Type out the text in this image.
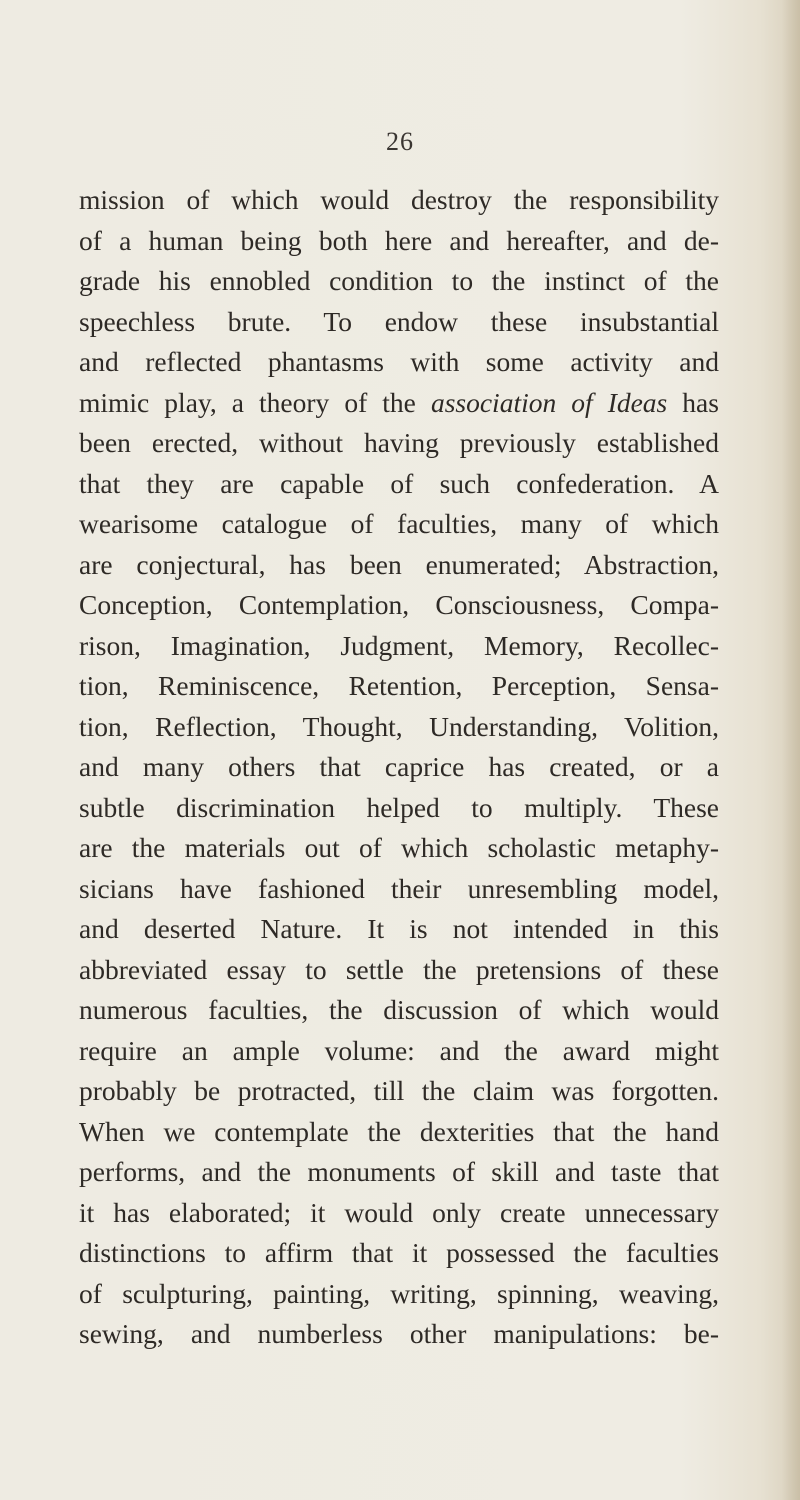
26
mission of which would destroy the responsibility
of a human being both here and hereafter, and de-
grade his ennobled condition to the instinct of the
speechless brute. To endow these insubstantial
and reflected phantasms with some activity and
mimic play, a theory of the association of Ideas has
been erected, without having previously established
that they are capable of such confederation. A
wearisome catalogue of faculties, many of which
are conjectural, has been enumerated; Abstraction,
Conception, Contemplation, Consciousness, Compa-
rison, Imagination, Judgment, Memory, Recollec-
tion, Reminiscence, Retention, Perception, Sensa-
tion, Reflection, Thought, Understanding, Volition,
and many others that caprice has created, or a
subtle discrimination helped to multiply. These
are the materials out of which scholastic metaphy-
sicians have fashioned their unresembling model,
and deserted Nature. It is not intended in this
abbreviated essay to settle the pretensions of these
numerous faculties, the discussion of which would
require an ample volume: and the award might
probably be protracted, till the claim was forgotten.
When we contemplate the dexterities that the hand
performs, and the monuments of skill and taste that
it has elaborated; it would only create unnecessary
distinctions to affirm that it possessed the faculties
of sculpturing, painting, writing, spinning, weaving,
sewing, and numberless other manipulations: be-
